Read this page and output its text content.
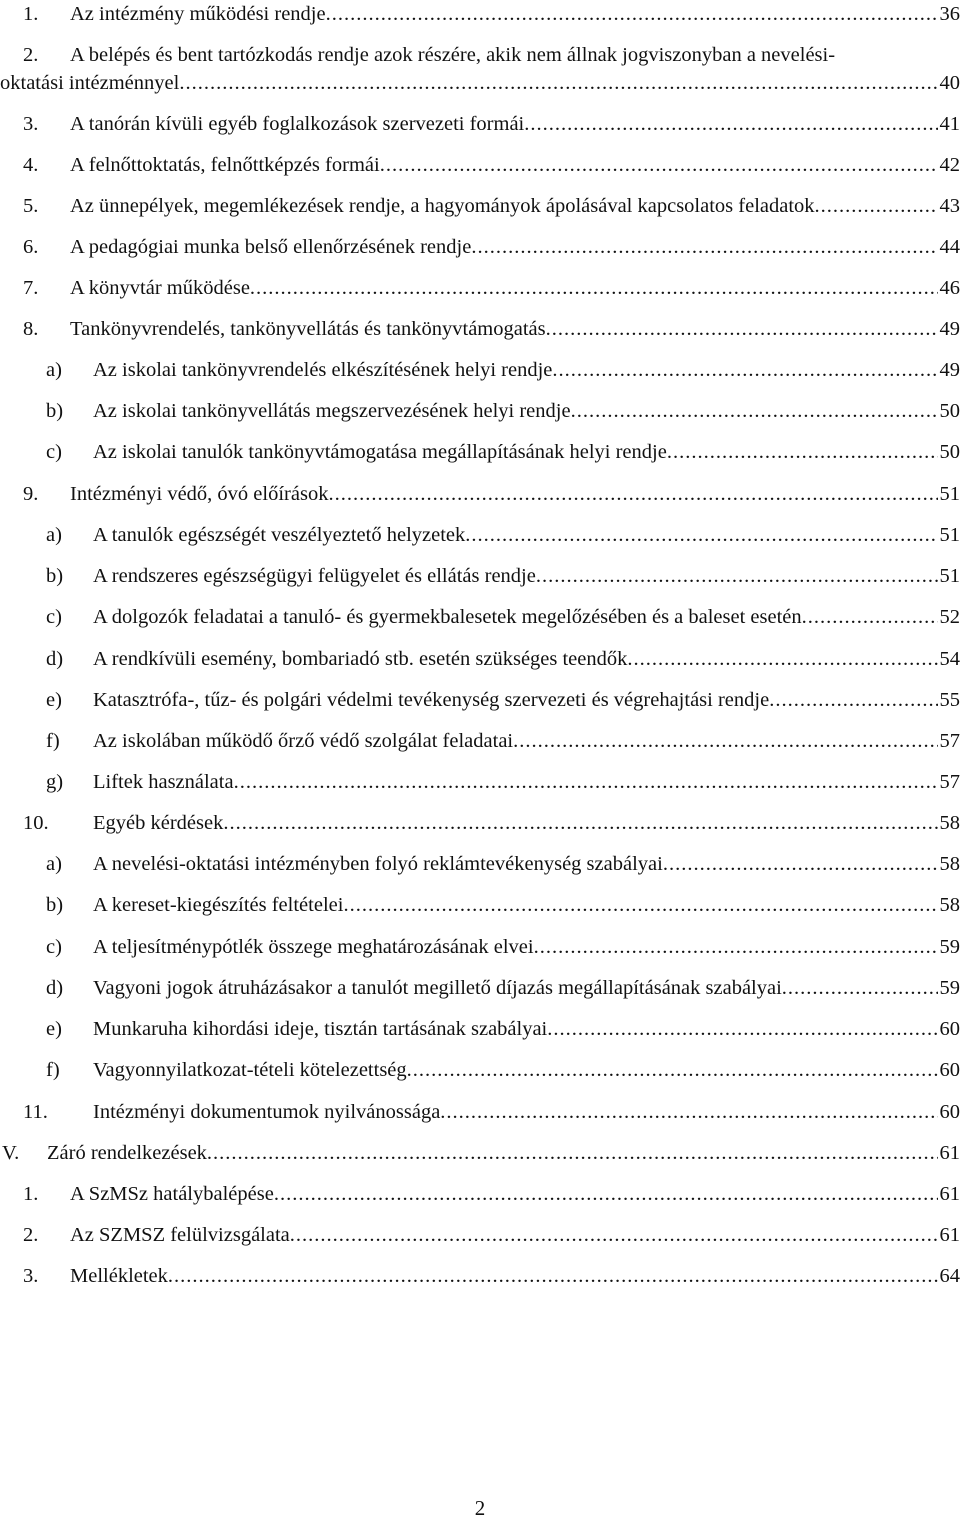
1. Az intézmény működési rendje .....	36
2. A belépés és bent tartózkodás rendje azok részére, akik nem állnak jogviszonyban a nevelési-
oktatási intézménnyel .....	40
3. A tanórán kívüli egyéb foglalkozások szervezeti formái .....	41
4. A felnőttoktatás, felnőttképzés formái .....	42
5. Az ünnepélyek, megemlékezések rendje, a hagyományok ápolásával kapcsolatos feladatok .....	43
6. A pedagógiai munka belső ellenőrzésének rendje .....	44
7. A könyvtár működése .....	46
8. Tankönyvrendelés, tankönyvellátás és tankönyvtámogatás .....	49
a) Az iskolai tankönyvrendelés elkészítésének helyi rendje .....	49
b) Az iskolai tankönyvellátás megszervezésének helyi rendje .....	50
c) Az iskolai tanulók tankönyvtámogatása megállapításának helyi rendje .....	50
9. Intézményi védő, óvó előírások .....	51
a) A tanulók egészségét veszélyeztető helyzetek .....	51
b) A rendszeres egészségügyi felügyelet és ellátás rendje .....	51
c) A dolgozók feladatai a tanuló- és gyermekbalesetek megelőzésében és a baleset esetén .....	52
d) A rendkívüli esemény, bombariadó stb. esetén szükséges teendők .....	54
e) Katasztrófa-, tűz- és polgári védelmi tevékenység szervezeti és végrehajtási rendje .....	55
f) Az iskolában működő őrző védő szolgálat feladatai .....	57
g) Liftek használata .....	57
10. Egyéb kérdések .....	58
a) A nevelési-oktatási intézményben folyó reklámtevékenység szabályai .....	58
b) A kereset-kiegészítés feltételei .....	58
c) A teljesítménypótlék összege meghatározásának elvei .....	59
d) Vagyoni jogok átruházásakor a tanulót megillető díjazás megállapításának szabályai .....	59
e) Munkaruha kihordási ideje, tisztán tartásának szabályai .....	60
f) Vagyonnyilatkozat-tételi kötelezettség .....	60
11. Intézményi dokumentumok nyilvánossága .....	60
V. Záró rendelkezések .....	61
1. A SzMSz hatálybalépése .....	61
2. Az SZMSZ felülvizsgálata .....	61
3. Mellékletek .....	64
2
